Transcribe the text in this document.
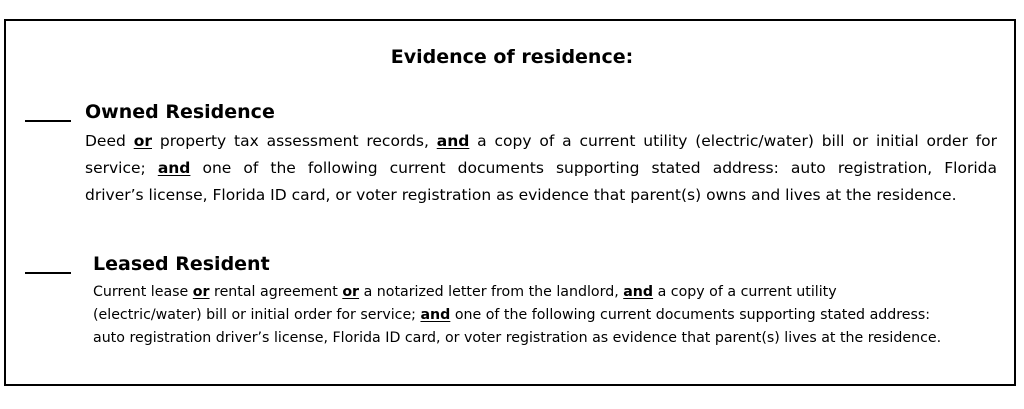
Evidence of residence:
Owned Residence
Deed or property tax assessment records, and a copy of a current utility (electric/water) bill or initial order for
service; and one of the following current documents supporting stated address: auto registration, Florida
driver’s license, Florida ID card, or voter registration as evidence that parent(s) owns and lives at the residence.
Leased Resident
Current lease or rental agreement or a notarized letter from the landlord, and a copy of a current utility
(electric/water) bill or initial order for service; and one of the following current documents supporting stated address:
auto registration driver’s license, Florida ID card, or voter registration as evidence that parent(s) lives at the residence.
